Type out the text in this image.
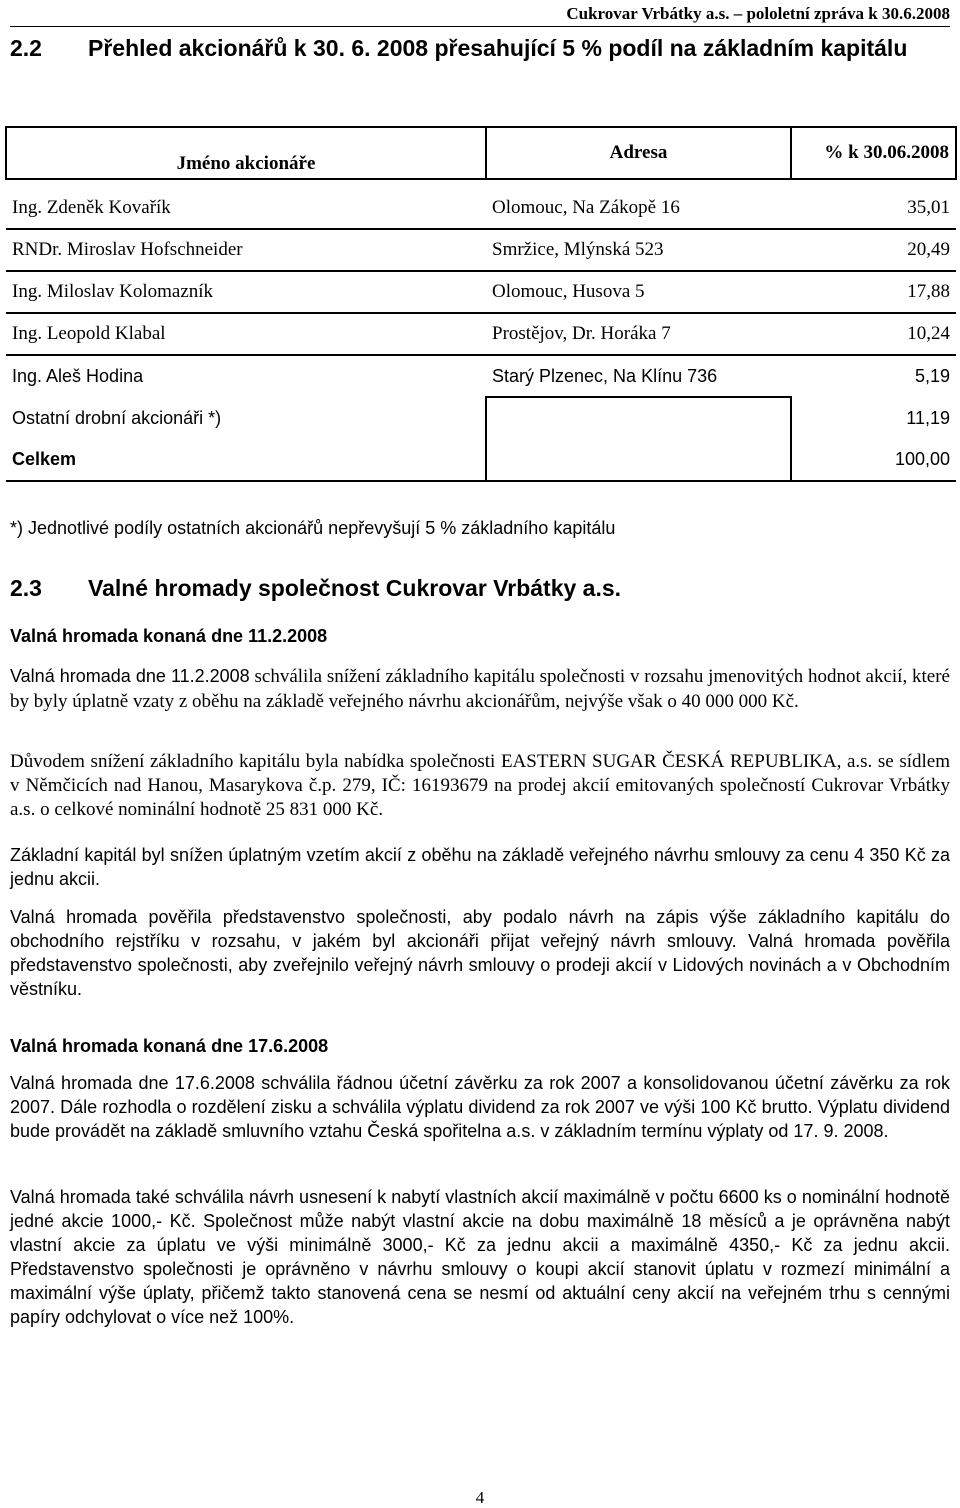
Cukrovar Vrbátky a.s. – pololetní zpráva k 30.6.2008
2.2 Přehled akcionářů k 30. 6. 2008 přesahující 5 % podíl na základním kapitálu
Jméno akcionáře	Adresa	% k 30.06.2008

Ing. Zdeněk Kovařík	Olomouc, Na Zákopě 16	35,01
RNDr. Miroslav Hofschneider	Smržice, Mlýnská 523	20,49
Ing. Miloslav Kolomazník	Olomouc, Husova 5	17,88
Ing. Leopold Klabal	Prostějov, Dr. Horáka 7	10,24
Ing. Aleš Hodina	Starý Plzenec, Na Klínu 736	5,19
Ostatní drobní akcionáři *)		11,19
Celkem		100,00
*) Jednotlivé podíly ostatních akcionářů nepřevyšují 5 % základního kapitálu
2.3 Valné hromady společnost Cukrovar Vrbátky a.s.
Valná hromada konaná dne 11.2.2008

Valná hromada dne 11.2.2008 schválila snížení základního kapitálu společnosti v rozsahu jmenovitých hodnot akcií, které by byly úplatně vzaty z oběhu na základě veřejného návrhu akcionářům, nejvýše však o 40 000 000 Kč.

Důvodem snížení základního kapitálu byla nabídka společnosti EASTERN SUGAR ČESKÁ REPUBLIKA, a.s. se sídlem v Němčicích nad Hanou, Masarykova č.p. 279, IČ: 16193679 na prodej akcií emitovaných společností Cukrovar Vrbátky a.s. o celkové nominální hodnotě 25 831 000 Kč.

Základní kapitál byl snížen úplatným vzetím akcií z oběhu na základě veřejného návrhu smlouvy za cenu 4 350 Kč za jednu akcii.

Valná hromada pověřila představenstvo společnosti, aby podalo návrh na zápis výše základního kapitálu do obchodního rejstříku v rozsahu, v jakém byl akcionáři přijat veřejný návrh smlouvy. Valná hromada pověřila představenstvo společnosti, aby zveřejnilo veřejný návrh smlouvy o prodeji akcií v Lidových novinách a v Obchodním věstníku.

Valná hromada konaná dne 17.6.2008

Valná hromada dne 17.6.2008 schválila řádnou účetní závěrku za rok 2007 a konsolidovanou účetní závěrku za rok 2007. Dále rozhodla o rozdělení zisku a schválila výplatu dividend za rok 2007 ve výši 100 Kč brutto. Výplatu dividend bude provádět na základě smluvního vztahu Česká spořitelna a.s. v základním termínu výplaty od 17. 9. 2008.

Valná hromada také schválila návrh usnesení k nabytí vlastních akcií maximálně v počtu 6600 ks o nominální hodnotě jedné akcie 1000,- Kč. Společnost může nabýt vlastní akcie na dobu maximálně 18 měsíců a je oprávněna nabýt vlastní akcie za úplatu ve výši minimálně 3000,- Kč za jednu akcii a maximálně 4350,- Kč za jednu akcii. Představenstvo společnosti je oprávněno v návrhu smlouvy o koupi akcií stanovit úplatu v rozmezí minimální a maximální výše úplaty, přičemž takto stanovená cena se nesmí od aktuální ceny akcií na veřejném trhu s cennými papíry odchylovat o více než 100%.

4
